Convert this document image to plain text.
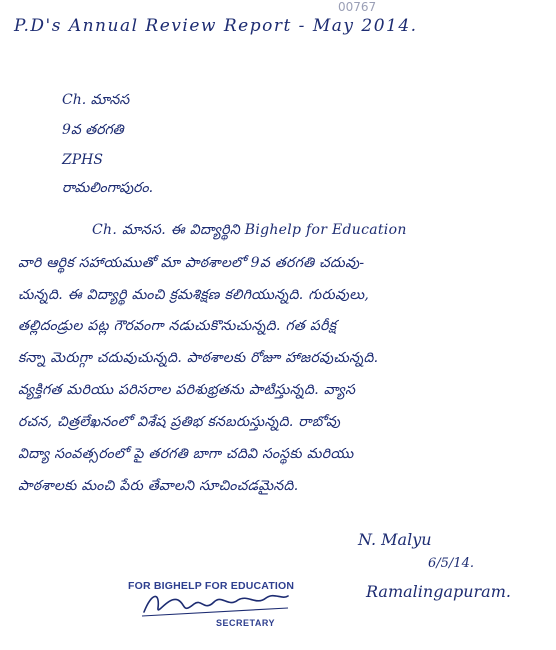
00767
P.D's Annual Review Report - May 2014.
Ch. మానస
9వ తరగతి
ZPHS
రామలింగాపురం.
Ch. మానస. ఈ విద్యార్థిని Bighelp for Education
వారి ఆర్థిక సహాయముతో మా పాఠశాలలో 9వ తరగతి చదువు-
చున్నది. ఈ విద్యార్థి మంచి క్రమశిక్షణ కలిగియున్నది. గురువులు,
తల్లిదండ్రుల పట్ల గౌరవంగా నడుచుకొనుచున్నది. గత పరీక్ష
కన్నా మెరుగ్గా చదువుచున్నది. పాఠశాలకు రోజూ హాజరవుచున్నది.
వ్యక్తిగత మరియు పరిసరాల పరిశుభ్రతను పాటిస్తున్నది. వ్యాస
రచన, చిత్రలేఖనంలో విశేష ప్రతిభ కనబరుస్తున్నది. రాబోవు
విద్యా సంవత్సరంలో పై తరగతి బాగా చదివి సంస్థకు మరియు
పాఠశాలకు మంచి పేరు తేవాలని సూచించడమైనది.
N. Malyu
6/5/14.
Ramalingapuram.
FOR BIGHELP FOR EDUCATION
SECRETARY
